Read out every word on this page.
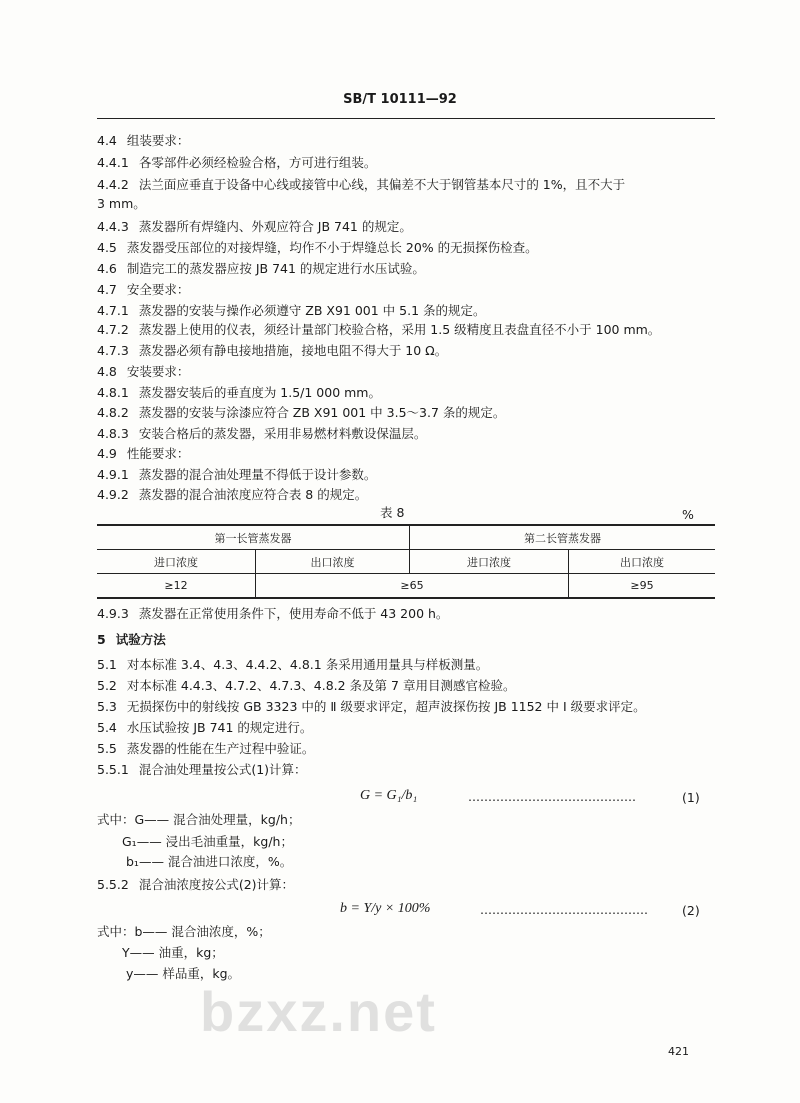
bzxz.net
SB/T 10111—92
4.4 组装要求：
4.4.1 各零部件必须经检验合格，方可进行组装。
4.4.2 法兰面应垂直于设备中心线或接管中心线，其偏差不大于钢管基本尺寸的 1%，且不大于
3 mm。
4.4.3 蒸发器所有焊缝内、外观应符合 JB 741 的规定。
4.5 蒸发器受压部位的对接焊缝，均作不小于焊缝总长 20% 的无损探伤检查。
4.6 制造完工的蒸发器应按 JB 741 的规定进行水压试验。
4.7 安全要求：
4.7.1 蒸发器的安装与操作必须遵守 ZB X91 001 中 5.1 条的规定。
4.7.2 蒸发器上使用的仪表，须经计量部门校验合格，采用 1.5 级精度且表盘直径不小于 100 mm。
4.7.3 蒸发器必须有静电接地措施，接地电阻不得大于 10 Ω。
4.8 安装要求：
4.8.1 蒸发器安装后的垂直度为 1.5/1 000 mm。
4.8.2 蒸发器的安装与涂漆应符合 ZB X91 001 中 3.5～3.7 条的规定。
4.8.3 安装合格后的蒸发器，采用非易燃材料敷设保温层。
4.9 性能要求：
4.9.1 蒸发器的混合油处理量不得低于设计参数。
4.9.2 蒸发器的混合油浓度应符合表 8 的规定。
表 8	%
第一长管蒸发器		第二长管蒸发器	
进口浓度	出口浓度	进口浓度	出口浓度
≥12	≥65		≥95
4.9.3 蒸发器在正常使用条件下，使用寿命不低于 43 200 h。
5 试验方法
5.1 对本标准 3.4、4.3、4.4.2、4.8.1 条采用通用量具与样板测量。
5.2 对本标准 4.4.3、4.7.2、4.7.3、4.8.2 条及第 7 章用目测感官检验。
5.3 无损探伤中的射线按 GB 3323 中的 Ⅱ 级要求评定，超声波探伤按 JB 1152 中 Ⅰ 级要求评定。
5.4 水压试验按 JB 741 的规定进行。
5.5 蒸发器的性能在生产过程中验证。
5.5.1 混合油处理量按公式(1)计算：
G = G₁/b₁	……………………………………	(1)
式中：G—— 混合油处理量，kg/h；
G₁—— 浸出毛油重量，kg/h；
b₁—— 混合油进口浓度，%。
5.5.2 混合油浓度按公式(2)计算：
b = Y/y × 100%	……………………………………	(2)
式中：b—— 混合油浓度，%；
Y—— 油重，kg；
y—— 样品重，kg。
421
